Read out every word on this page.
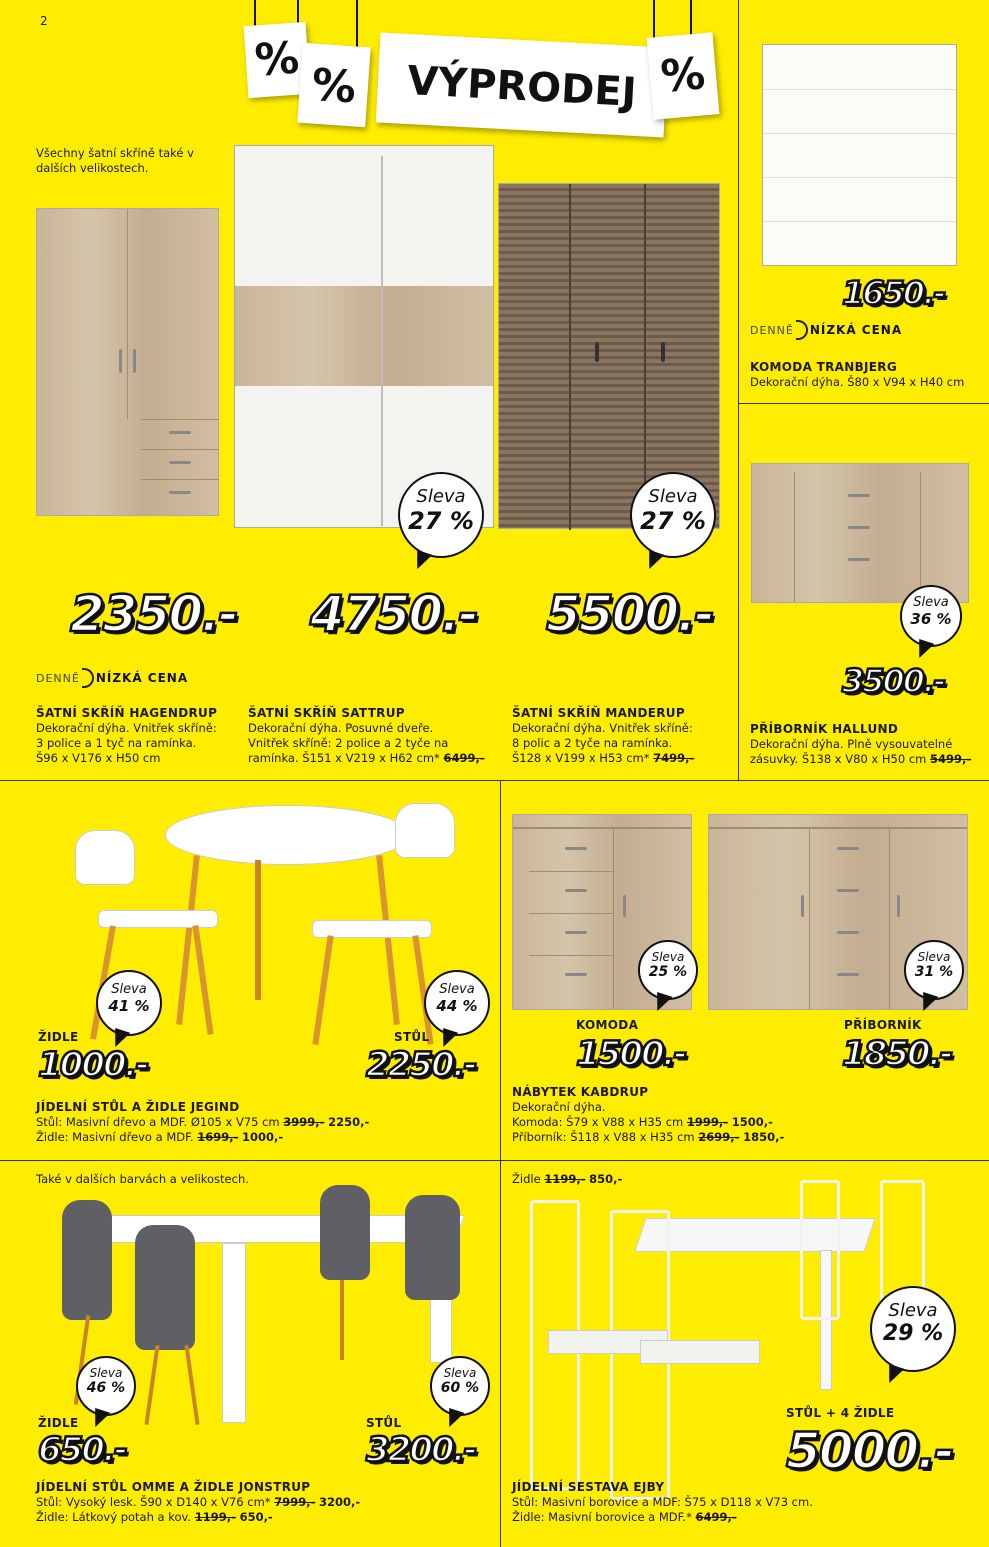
2
%
%	VÝPRODEJ %
Všechny šatní skříně také v dalších velikostech.
Sleva
27 %
Sleva
27 %
Sleva
36 %
2350.- 4750.- 5500.-
1650.-
3500.-
DENNĚ NÍZKÁ CENA
DENNĚ NÍZKÁ CENA
ŠATNÍ SKŘÍŇ HAGENDRUP
Dekorační dýha. Vnitřek skříně:
3 police a 1 tyč na ramínka.
Š96 x V176 x H50 cm
ŠATNÍ SKŘÍŇ SATTRUP
Dekorační dýha. Posuvné dveře.
Vnitřek skříně: 2 police a 2 tyče na
ramínka. Š151 x V219 x H62 cm* 6499,-
ŠATNÍ SKŘÍŇ MANDERUP
Dekorační dýha. Vnitřek skříně:
8 polic a 2 tyče na ramínka.
Š128 x V199 x H53 cm* 7499,-
KOMODA TRANBJERG
Dekorační dýha. Š80 x V94 x H40 cm
PŘÍBORNÍK HALLUND
Dekorační dýha. Plně vysouvatelné
zásuvky. Š138 x V80 x H50 cm 5499,-
Sleva
41 %
Sleva
44 %
ŽIDLE
1000.-
STŮL
2250.-
JÍDELNÍ STŮL A ŽIDLE JEGIND
Stůl: Masivní dřevo a MDF. Ø105 x V75 cm 3999,- 2250,-
Židle: Masivní dřevo a MDF. 1699,- 1000,-
Sleva
25 %
Sleva
31 %
KOMODA
1500.-
PŘÍBORNÍK
1850.-
NÁBYTEK KABDRUP
Dekorační dýha.
Komoda: Š79 x V88 x H35 cm 1999,- 1500,-
Příborník: Š118 x V88 x H35 cm 2699,- 1850,-
Také v dalších barvách a velikostech.
Sleva
46 %
Sleva
60 %
ŽIDLE
650.-
STŮL
3200.-
JÍDELNÍ STŮL OMME A ŽIDLE JONSTRUP
Stůl: Vysoký lesk. Š90 x D140 x V76 cm* 7999,- 3200,-
Židle: Látkový potah a kov. 1199,- 650,-
Židle 1199,- 850,-
Sleva
29 %
STŮL + 4 ŽIDLE
5000.-
JÍDELNÍ SESTAVA EJBY
Stůl: Masivní borovice a MDF: Š75 x D118 x V73 cm.
Židle: Masivní borovice a MDF.* 6499,-
